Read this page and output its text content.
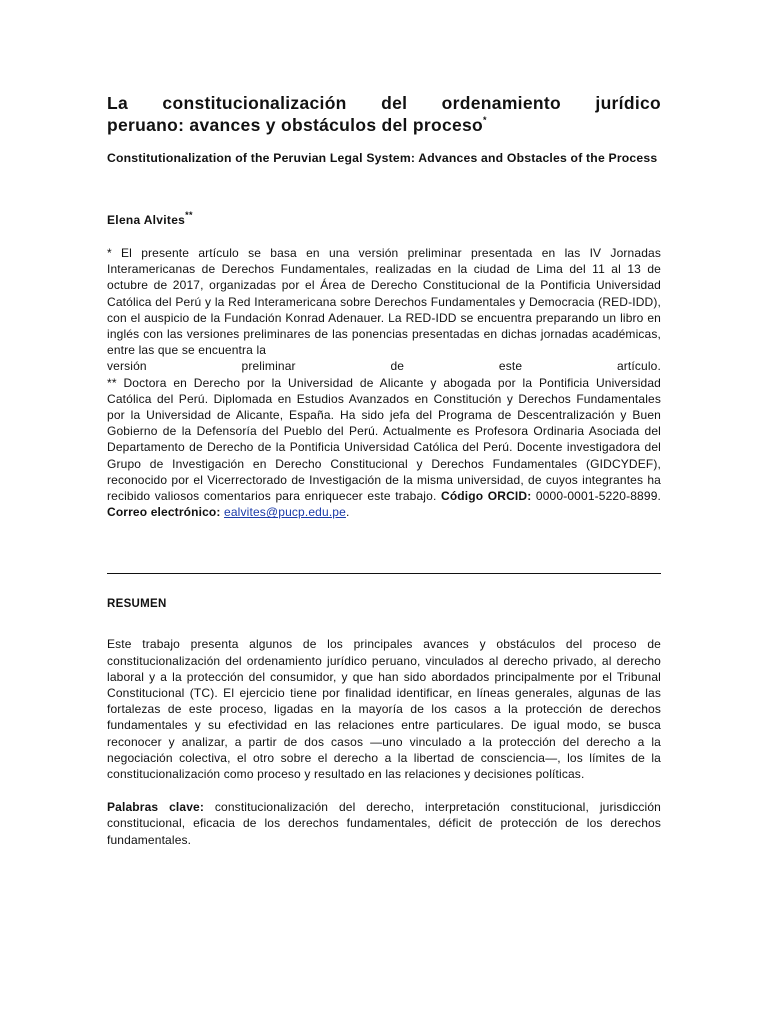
La constitucionalización del ordenamiento jurídico
peruano: avances y obstáculos del proceso*

Constitutionalization of the Peruvian Legal System: Advances and Obstacles of the Process

Elena Alvites**

* El presente artículo se basa en una versión preliminar presentada en las IV Jornadas Interamericanas de Derechos Fundamentales, realizadas en la ciudad de Lima del 11 al 13 de octubre de 2017, organizadas por el Área de Derecho Constitucional de la Pontificia Universidad Católica del Perú y la Red Interamericana sobre Derechos Fundamentales y Democracia (RED-IDD), con el auspicio de la Fundación Konrad Adenauer. La RED-IDD se encuentra preparando un libro en inglés con las versiones preliminares de las ponencias presentadas en dichas jornadas académicas, entre las que se encuentra la

versión preliminar de este artículo.

** Doctora en Derecho por la Universidad de Alicante y abogada por la Pontificia Universidad Católica del Perú. Diplomada en Estudios Avanzados en Constitución y Derechos Fundamentales por la Universidad de Alicante, España. Ha sido jefa del Programa de Descentralización y Buen Gobierno de la Defensoría del Pueblo del Perú. Actualmente es Profesora Ordinaria Asociada del Departamento de Derecho de la Pontificia Universidad Católica del Perú. Docente investigadora del Grupo de Investigación en Derecho Constitucional y Derechos Fundamentales (GIDCYDEF), reconocido por el Vicerrectorado de Investigación de la misma universidad, de cuyos integrantes ha recibido valiosos comentarios para enriquecer este trabajo. Código ORCID: 0000-0001-5220-8899. Correo electrónico: ealvites@pucp.edu.pe.

RESUMEN

Este trabajo presenta algunos de los principales avances y obstáculos del proceso de constitucionalización del ordenamiento jurídico peruano, vinculados al derecho privado, al derecho laboral y a la protección del consumidor, y que han sido abordados principalmente por el Tribunal Constitucional (TC). El ejercicio tiene por finalidad identificar, en líneas generales, algunas de las fortalezas de este proceso, ligadas en la mayoría de los casos a la protección de derechos fundamentales y su efectividad en las relaciones entre particulares. De igual modo, se busca reconocer y analizar, a partir de dos casos —uno vinculado a la protección del derecho a la negociación colectiva, el otro sobre el derecho a la libertad de consciencia—, los límites de la constitucionalización como proceso y resultado en las relaciones y decisiones políticas.

Palabras clave: constitucionalización del derecho, interpretación constitucional, jurisdicción constitucional, eficacia de los derechos fundamentales, déficit de protección de los derechos fundamentales.
